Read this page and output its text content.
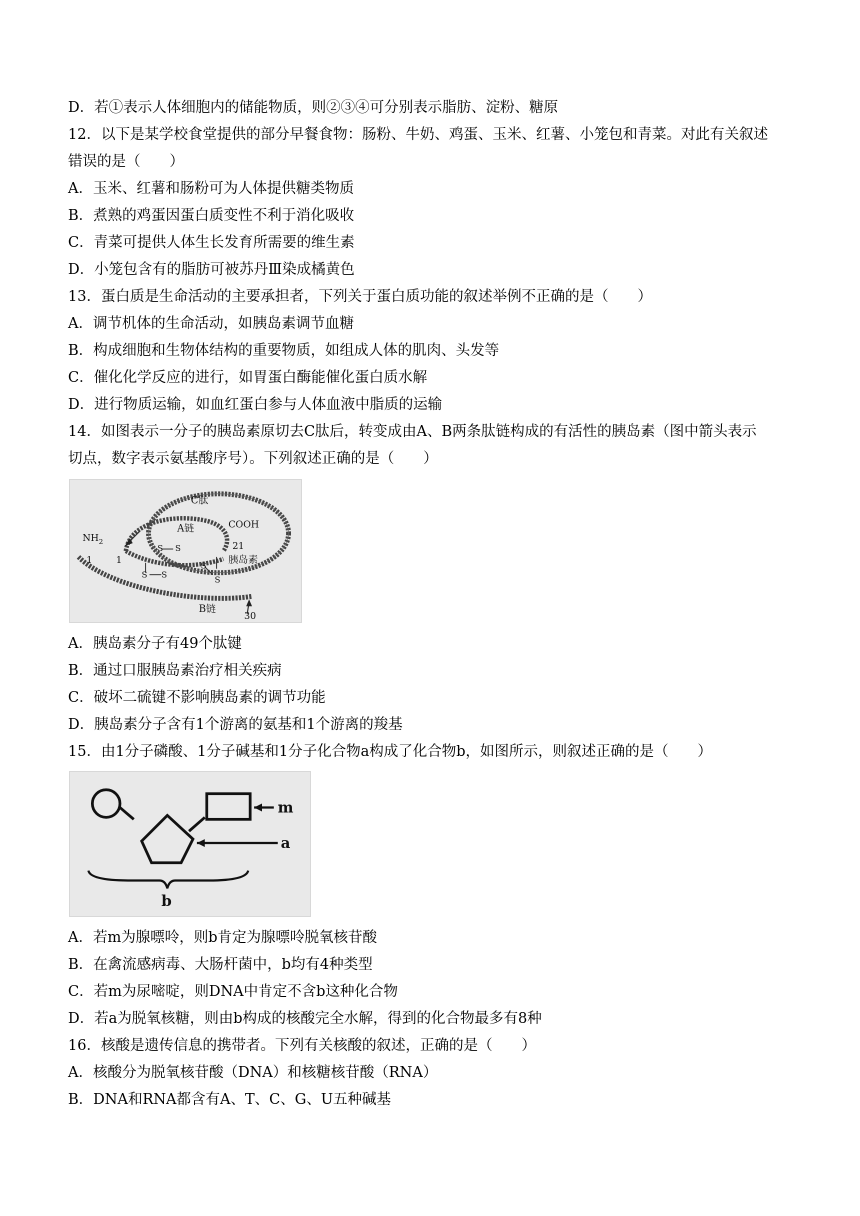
D．若①表示人体细胞内的储能物质，则②③④可分别表示脂肪、淀粉、糖原
12．以下是某学校食堂提供的部分早餐食物：肠粉、牛奶、鸡蛋、玉米、红薯、小笼包和青菜。对此有关叙述
错误的是（　　）
A．玉米、红薯和肠粉可为人体提供糖类物质
B．煮熟的鸡蛋因蛋白质变性不利于消化吸收
C．青菜可提供人体生长发育所需要的维生素
D．小笼包含有的脂肪可被苏丹Ⅲ染成橘黄色
13．蛋白质是生命活动的主要承担者，下列关于蛋白质功能的叙述举例不正确的是（　　）
A．调节机体的生命活动，如胰岛素调节血糖
B．构成细胞和生物体结构的重要物质，如组成人体的肌肉、头发等
C．催化化学反应的进行，如胃蛋白酶能催化蛋白质水解
D．进行物质运输，如血红蛋白参与人体血液中脂质的运输
14．如图表示一分子的胰岛素原切去C肽后，转变成由A、B两条肽链构成的有活性的胰岛素（图中箭头表示
切点，数字表示氨基酸序号）。下列叙述正确的是（　　）
C肽
A链	COOH
$NH_2$
1 1
21
胰岛素
B链
30
S S
S S
S
S
A．胰岛素分子有49个肽键
B．通过口服胰岛素治疗相关疾病
C．破坏二硫键不影响胰岛素的调节功能
D．胰岛素分子含有1个游离的氨基和1个游离的羧基
15．由1分子磷酸、1分子碱基和1分子化合物a构成了化合物b，如图所示，则叙述正确的是（　　）
m
a
b
A．若m为腺嘌呤，则b肯定为腺嘌呤脱氧核苷酸
B．在禽流感病毒、大肠杆菌中，b均有4种类型
C．若m为尿嘧啶，则DNA中肯定不含b这种化合物
D．若a为脱氧核糖，则由b构成的核酸完全水解，得到的化合物最多有8种
16．核酸是遗传信息的携带者。下列有关核酸的叙述，正确的是（　　）
A．核酸分为脱氧核苷酸（DNA）和核糖核苷酸（RNA）
B．DNA和RNA都含有A、T、C、G、U五种碱基
